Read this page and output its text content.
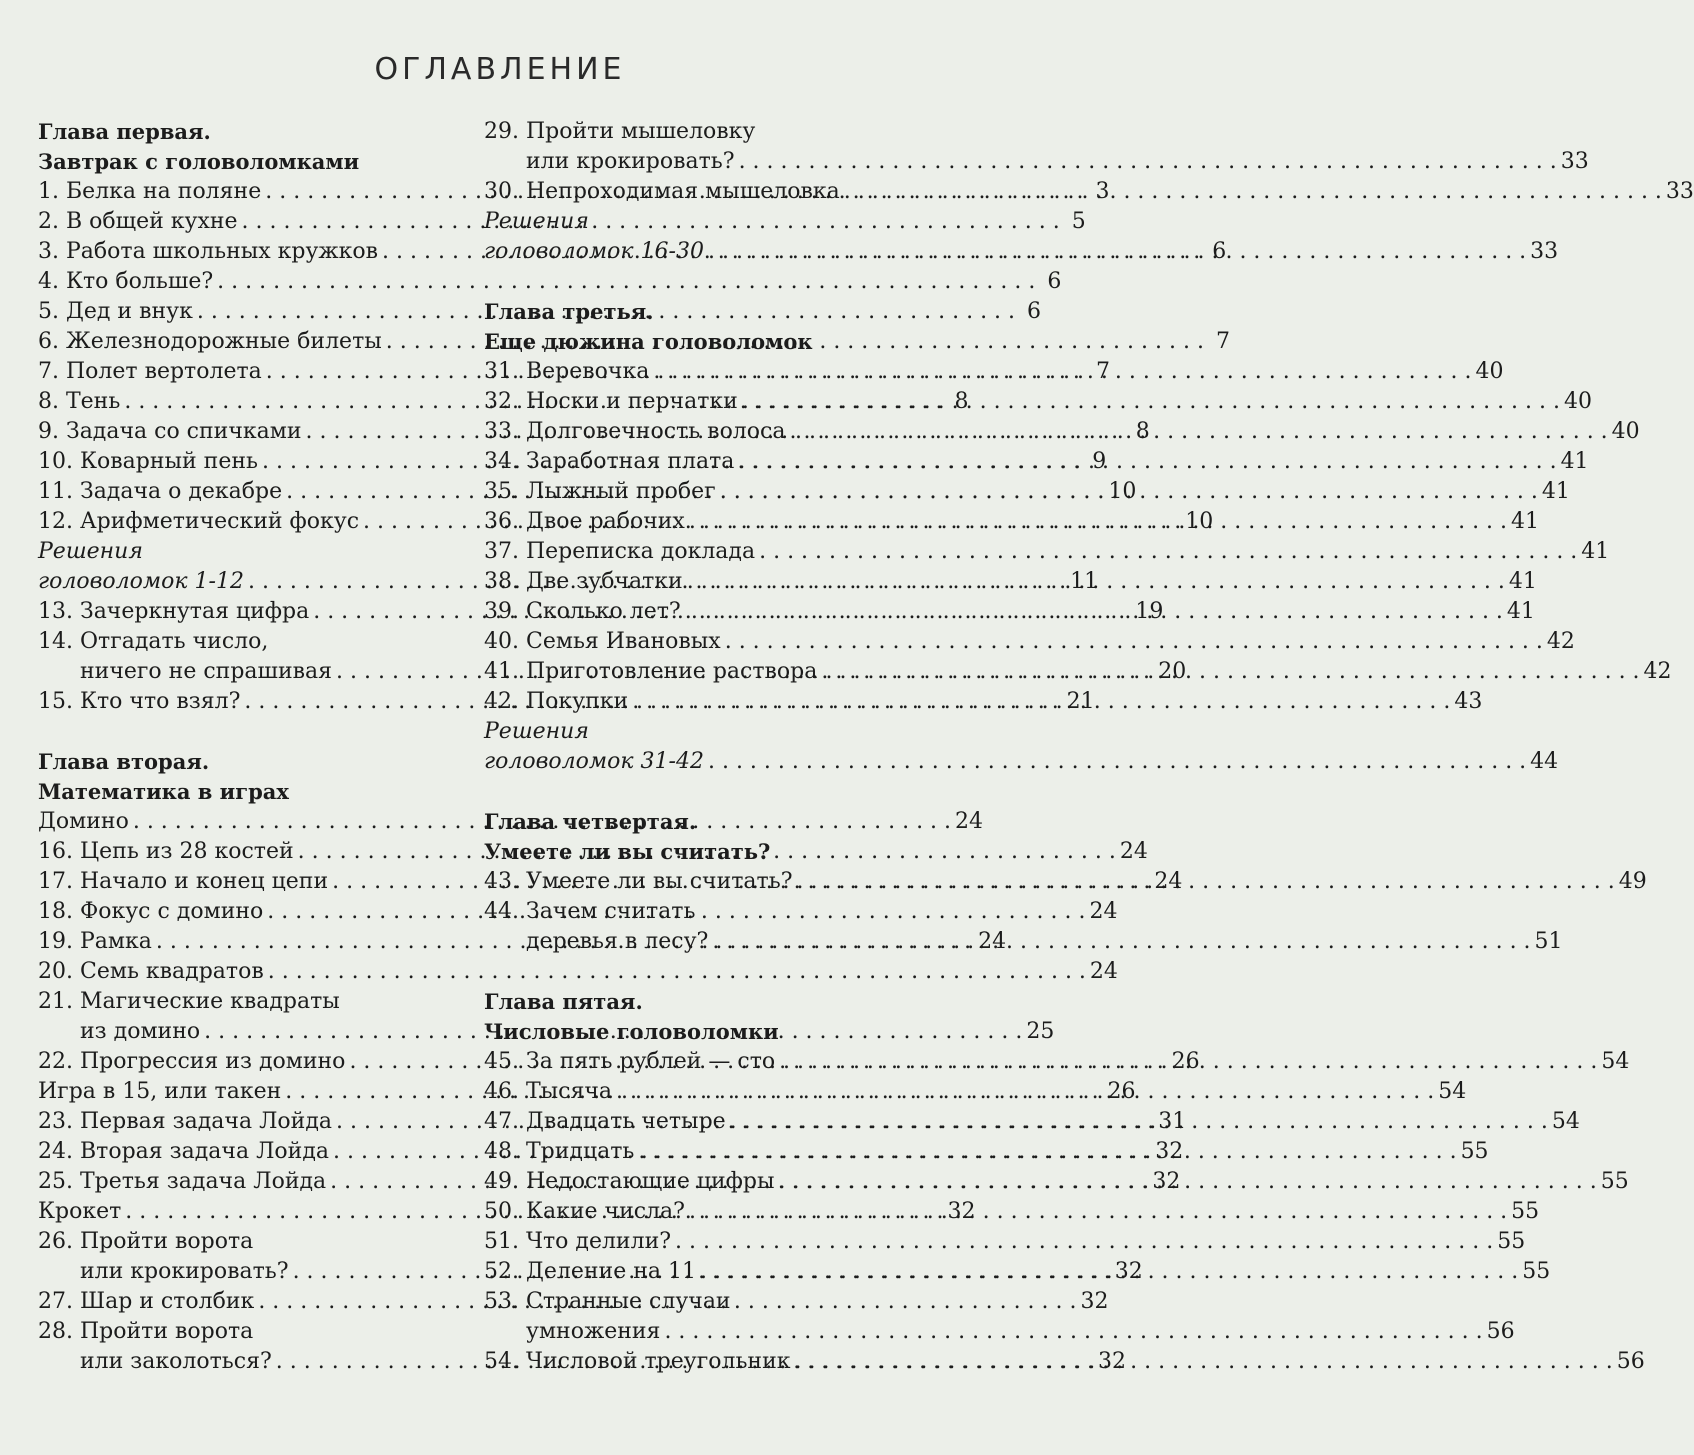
ОГЛАВЛЕНИЕ
Глава первая.
Завтрак с головоломками
1. Белка на поляне . . .	3
2. В общей кухне . . .	5
3. Работа школьных кружков . . .	6
4. Кто больше? . . .	6
5. Дед и внук . . .	6
6. Железнодорожные билеты . . .	7
7. Полет вертолета . . .	7
8. Тень . . .	8
9. Задача со спичками . . .	8
10. Коварный пень . . .	9
11. Задача о декабре . . .	10
12. Арифметический фокус . . .	10
Решения
головоломок 1-12 . . .	11
13. Зачеркнутая цифра . . .	19
14. Отгадать число,
ничего не спрашивая . . .	20
15. Кто что взял? . . .	21
Глава вторая.
Математика в играх
Домино . . .	24
16. Цепь из 28 костей . . .	24
17. Начало и конец цепи . . .	24
18. Фокус с домино . . .	24
19. Рамка . . .	24
20. Семь квадратов . . .	24
21. Магические квадраты
из домино . . .	25
22. Прогрессия из домино . . .	26
Игра в 15, или такен . . .	26
23. Первая задача Лойда . . .	31
24. Вторая задача Лойда . . .	32
25. Третья задача Лойда . . .	32
Крокет . . .	32
26. Пройти ворота
или крокировать? . . .	32
27. Шар и столбик . . .	32
28. Пройти ворота
или заколоться? . . .	32
29. Пройти мышеловку
или крокировать? . . .	33
30. Непроходимая мышеловка . . .	33
Решения
головоломок 16-30 . . .	33
Глава третья.
Еще дюжина головоломок
31. Веревочка . . .	40
32. Носки и перчатки . . .	40
33. Долговечность волоса . . .	40
34. Заработная плата . . .	41
35. Лыжный пробег . . .	41
36. Двое рабочих . . .	41
37. Переписка доклада . . .	41
38. Две зубчатки . . .	41
39. Сколько лет? . . .	41
40. Семья Ивановых . . .	42
41. Приготовление раствора . . .	42
42. Покупки . . .	43
Решения
головоломок 31-42 . . .	44
Глава четвертая.
Умеете ли вы считать?
43. Умеете ли вы считать? . . .	49
44. Зачем считать
деревья в лесу? . . .	51
Глава пятая.
Числовые головоломки
45. За пять рублей — сто . . .	54
46. Тысяча . . .	54
47. Двадцать четыре . . .	54
48. Тридцать . . .	55
49. Недостающие цифры . . .	55
50. Какие числа? . . .	55
51. Что делили? . . .	55
52. Деление на 11 . . .	55
53. Странные случаи
умножения . . .	56
54. Числовой треугольник . . .	56
